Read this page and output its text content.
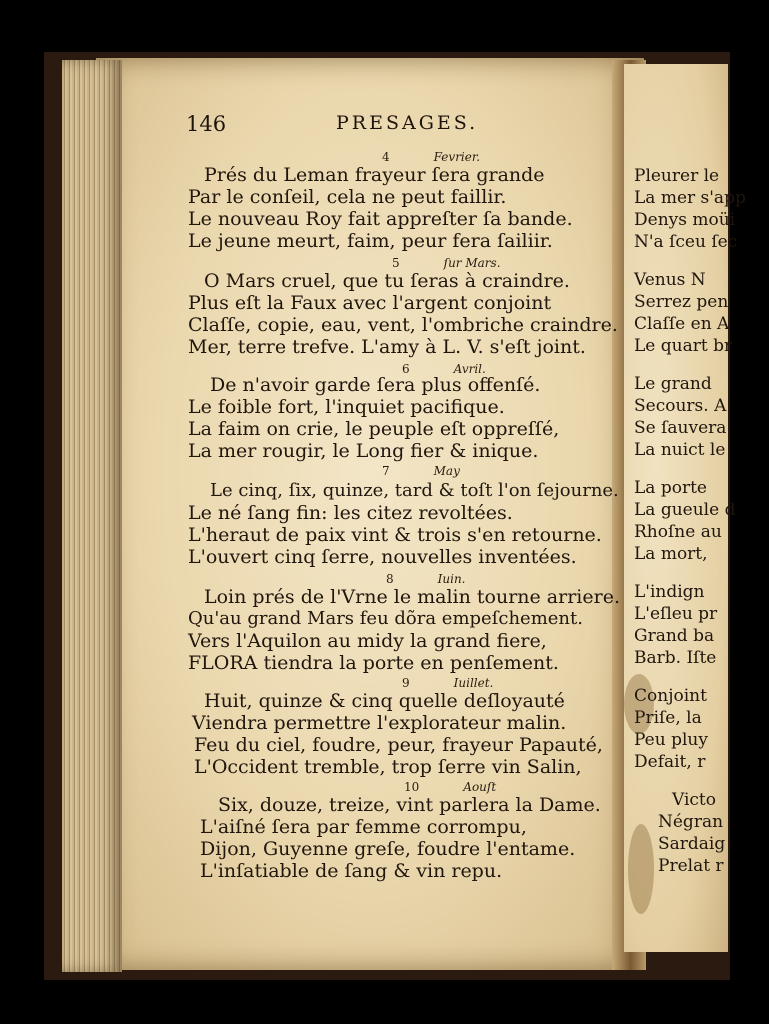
Pleurer le
La mer s'app
Denys moüi
N'a ſceu ſec
Venus N
Serrez pen
Claſſe en A
Le quart br
Le grand
Secours. A
Se ſauvera
La nuict le
La porte
La gueule d
Rhoſne au
La mort,
L'indign
L'eſleu pr
Grand ba
Barb. Iſte
Conjoint
Priſe, la
Peu pluy
Defait, r
Victo
Négran
Sardaig
Prelat r
146	PRESAGES.
4	Fevrier.
Prés du Leman frayeur ſera grande
Par le conſeil, cela ne peut faillir.
Le nouveau Roy fait appreſter ſa bande.
Le jeune meurt, faim, peur fera ſailiir.
5	ſur Mars.
O Mars cruel, que tu ſeras à craindre.
Plus eſt la Faux avec l'argent conjoint
Claſſe, copie, eau, vent, l'ombriche craindre.
Mer, terre trefve. L'amy à L. V. s'eſt joint.
6	Avril.
De n'avoir garde ſera plus offenſé.
Le foible fort, l'inquiet pacifique.
La faim on crie, le peuple eſt oppreſſé,
La mer rougir, le Long fier & inique.
7	May
Le cinq, ſix, quinze, tard & toſt l'on ſejourne.
Le né ſang fin: les citez revoltées.
L'heraut de paix vint & trois s'en retourne.
L'ouvert cinq ſerre, nouvelles inventées.
8	Iuin.
Loin prés de l'Vrne le malin tourne arriere.
Qu'au grand Mars feu dõra empeſchement.
Vers l'Aquilon au midy la grand fiere,
FLORA tiendra la porte en penſement.
9	Iuillet.
Huit, quinze & cinq quelle deſloyauté
Viendra permettre l'explorateur malin.
Feu du ciel, foudre, peur, frayeur Papauté,
L'Occident tremble, trop ſerre vin Salin,
10	Aouſt
Six, douze, treize, vint parlera la Dame.
L'aiſné ſera par femme corrompu,
Dijon, Guyenne greſe, foudre l'entame.
L'inſatiable de ſang & vin repu.
